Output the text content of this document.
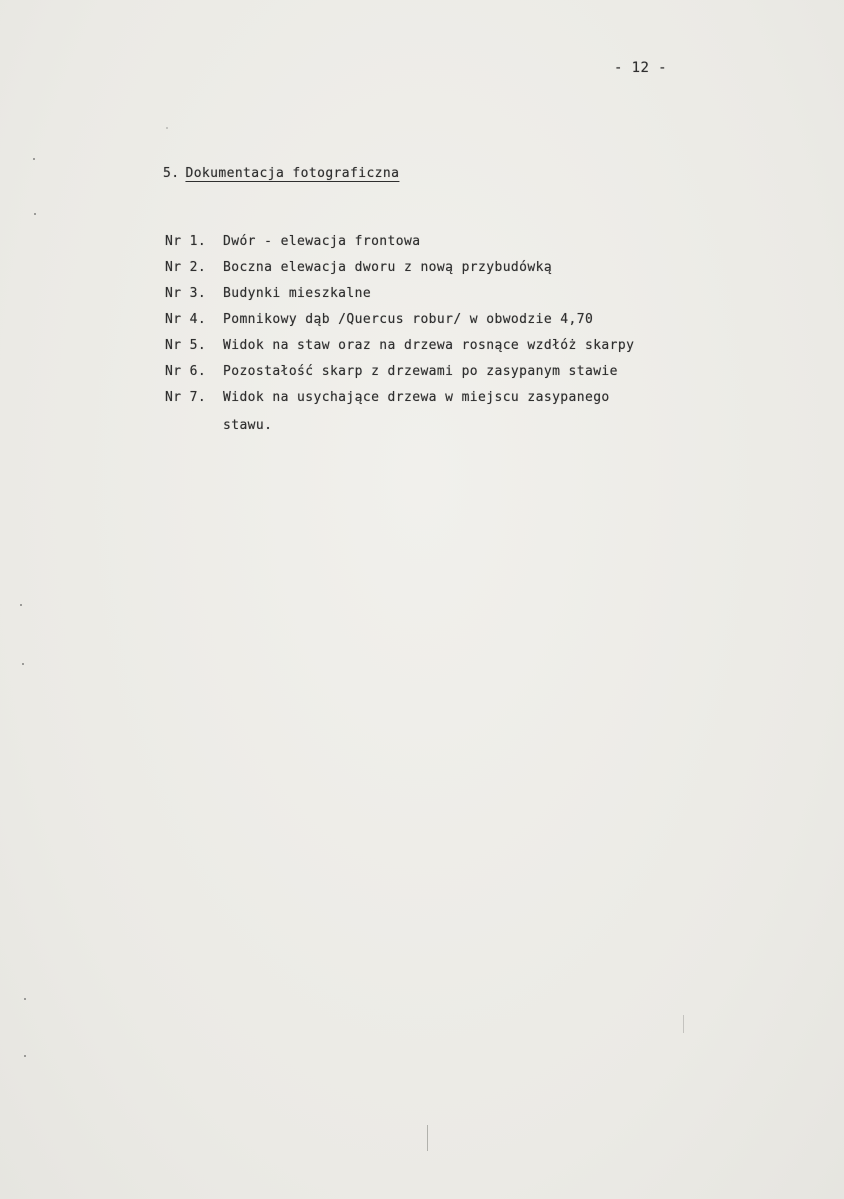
- 12 -
5. Dokumentacja fotograficzna
Nr 1. Dwór - elewacja frontowa
Nr 2. Boczna elewacja dworu z nową przybudówką
Nr 3. Budynki mieszkalne
Nr 4. Pomnikowy dąb /Quercus robur/ w obwodzie 4,70
Nr 5. Widok na staw oraz na drzewa rosnące wzdłóż skarpy
Nr 6. Pozostałość skarp z drzewami po zasypanym stawie
Nr 7. Widok na usychające drzewa w miejscu zasypanego
stawu.
